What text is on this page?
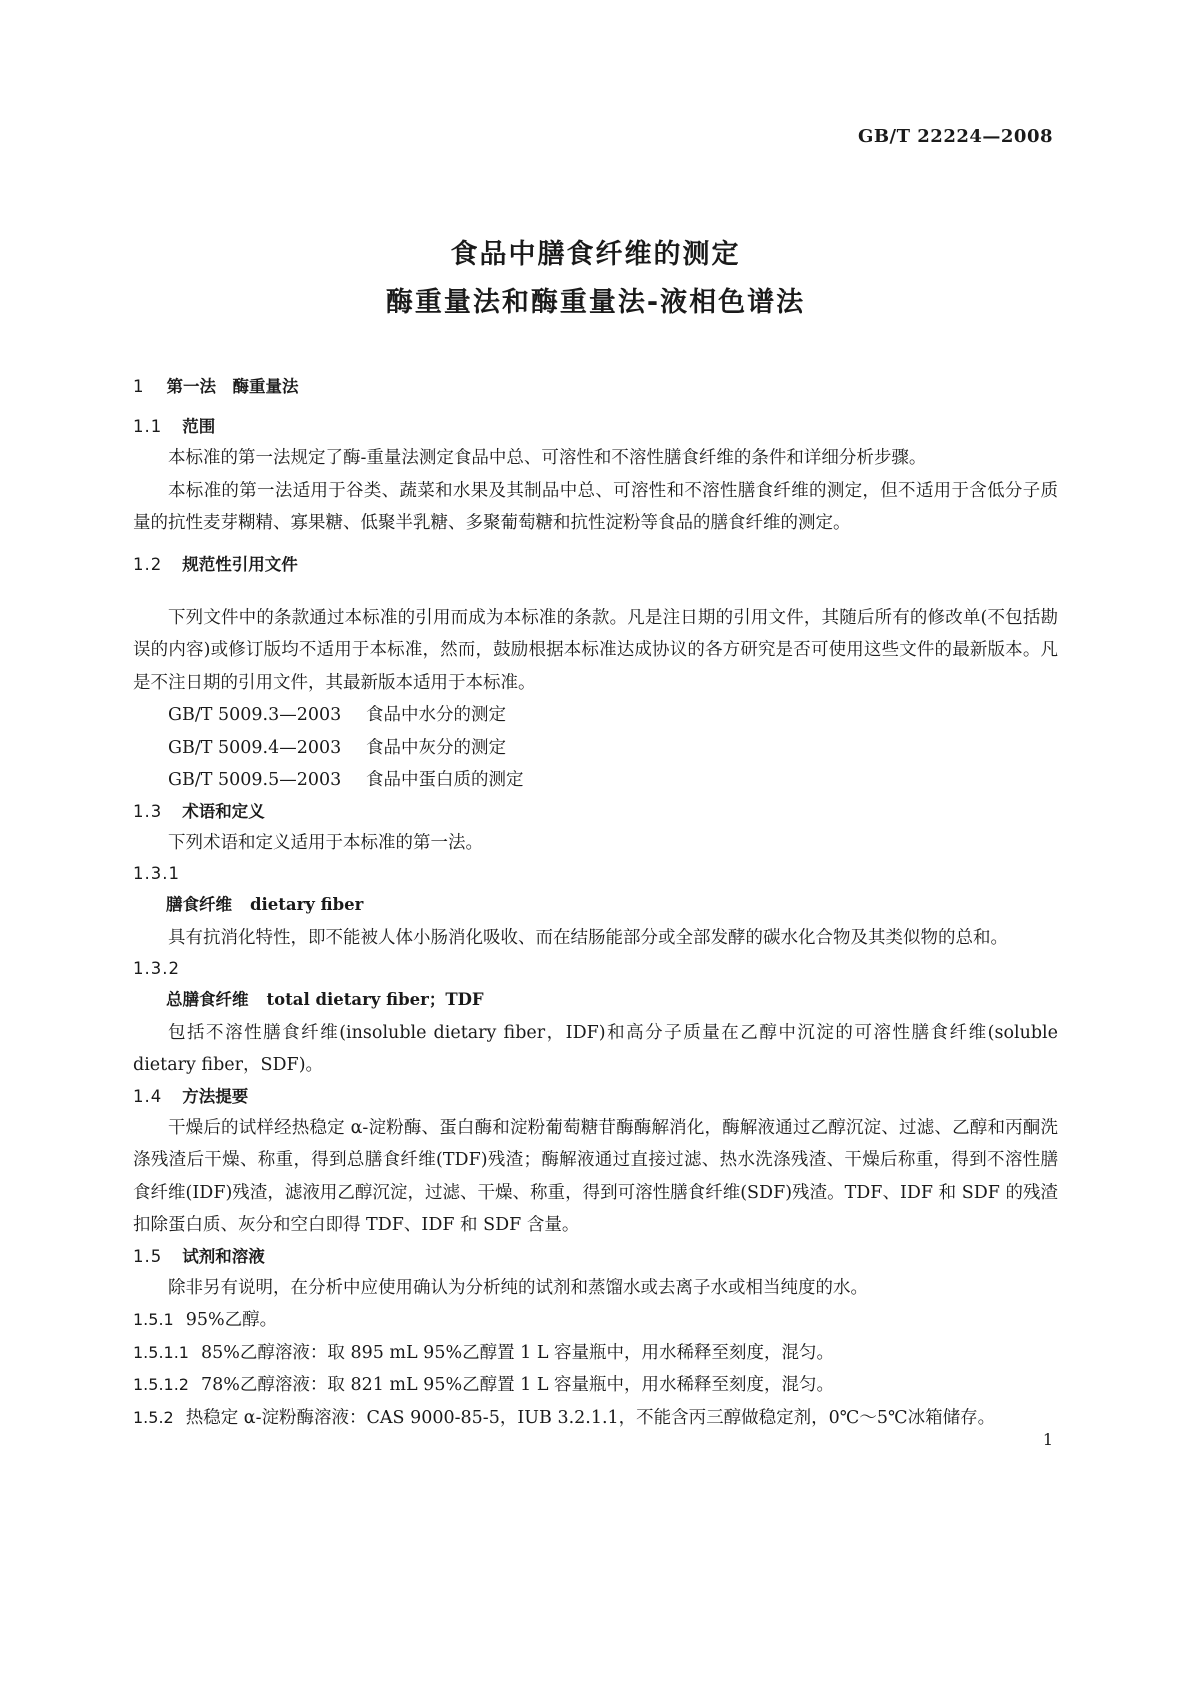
GB/T 22224—2008
食品中膳食纤维的测定
酶重量法和酶重量法-液相色谱法

1 第一法　酶重量法

1.1 范围

本标准的第一法规定了酶-重量法测定食品中总、可溶性和不溶性膳食纤维的条件和详细分析步骤。

本标准的第一法适用于谷类、蔬菜和水果及其制品中总、可溶性和不溶性膳食纤维的测定，但不适用于含低分子质量的抗性麦芽糊精、寡果糖、低聚半乳糖、多聚葡萄糖和抗性淀粉等食品的膳食纤维的测定。

1.2 规范性引用文件

下列文件中的条款通过本标准的引用而成为本标准的条款。凡是注日期的引用文件，其随后所有的修改单(不包括勘误的内容)或修订版均不适用于本标准，然而，鼓励根据本标准达成协议的各方研究是否可使用这些文件的最新版本。凡是不注日期的引用文件，其最新版本适用于本标准。

GB/T 5009.3—2003 食品中水分的测定

GB/T 5009.4—2003 食品中灰分的测定

GB/T 5009.5—2003 食品中蛋白质的测定

1.3 术语和定义

下列术语和定义适用于本标准的第一法。

1.3.1

膳食纤维 dietary fiber

具有抗消化特性，即不能被人体小肠消化吸收、而在结肠能部分或全部发酵的碳水化合物及其类似物的总和。

1.3.2

总膳食纤维 total dietary fiber；TDF

包括不溶性膳食纤维(insoluble dietary fiber，IDF)和高分子质量在乙醇中沉淀的可溶性膳食纤维(soluble dietary fiber，SDF)。

1.4 方法提要

干燥后的试样经热稳定 α-淀粉酶、蛋白酶和淀粉葡萄糖苷酶酶解消化，酶解液通过乙醇沉淀、过滤、乙醇和丙酮洗涤残渣后干燥、称重，得到总膳食纤维(TDF)残渣；酶解液通过直接过滤、热水洗涤残渣、干燥后称重，得到不溶性膳食纤维(IDF)残渣，滤液用乙醇沉淀，过滤、干燥、称重，得到可溶性膳食纤维(SDF)残渣。TDF、IDF 和 SDF 的残渣扣除蛋白质、灰分和空白即得 TDF、IDF 和 SDF 含量。

1.5 试剂和溶液

除非另有说明，在分析中应使用确认为分析纯的试剂和蒸馏水或去离子水或相当纯度的水。

1.5.1 95%乙醇。

1.5.1.1 85%乙醇溶液：取 895 mL 95%乙醇置 1 L 容量瓶中，用水稀释至刻度，混匀。

1.5.1.2 78%乙醇溶液：取 821 mL 95%乙醇置 1 L 容量瓶中，用水稀释至刻度，混匀。

1.5.2 热稳定 α-淀粉酶溶液：CAS 9000-85-5，IUB 3.2.1.1，不能含丙三醇做稳定剂，0℃～5℃冰箱储存。

1
